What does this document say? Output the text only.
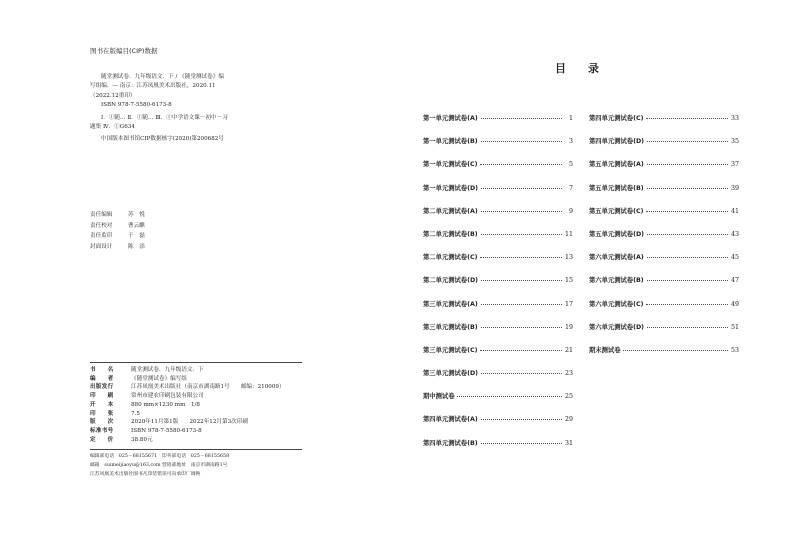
图书在版编目(CIP)数据

随堂测试卷．九年级语文．下 / 《随堂测试卷》编

写组编．— 南京：江苏凤凰美术出版社，2020.11

（2022.12重印）

ISBN 978-7-5580-6173-8

Ⅰ．①随… Ⅱ．①随… Ⅲ．①中学语文课－初中－习

题集 Ⅳ．①G634

中国版本图书馆CIP数据核字(2020)第200682号

责任编辑	苏　悦
责任校对	曹云麒
责任监印	于　磊
封面设计	陈　添
书　　名	随堂测试卷．九年级语文．下
编　　者	《随堂测试卷》编写组
出版发行	江苏凤凰美术出版社（南京市湖南路1号　　邮编：210009）
印　　刷	常州市建农印刷包装有限公司
开　　本	880 mm×1230 mm　1/8
印　　张	7.5
版　　次	2020年11月第1版　　2022年12月第3次印刷
标准书号	ISBN 978-7-5580-6173-8
定　　价	38.80元
编辑部电话　025－68155671 印务部电话　025－68155658
邮箱　suimeijiaoyu@163.com营销部地址　南京市湖南路1号
江苏凤凰美术出版社图书凡印装错误可向承印厂调换
目录
第一单元测试卷(A)	1
第一单元测试卷(B)	3
第一单元测试卷(C)	5
第一单元测试卷(D)	7
第二单元测试卷(A)	9
第二单元测试卷(B)	11
第二单元测试卷(C)	13
第二单元测试卷(D)	15
第三单元测试卷(A)	17
第三单元测试卷(B)	19
第三单元测试卷(C)	21
第三单元测试卷(D)	23
期中测试卷	25
第四单元测试卷(A)	29
第四单元测试卷(B)	31
第四单元测试卷(C)	33
第四单元测试卷(D)	35
第五单元测试卷(A)	37
第五单元测试卷(B)	39
第五单元测试卷(C)	41
第五单元测试卷(D)	43
第六单元测试卷(A)	45
第六单元测试卷(B)	47
第六单元测试卷(C)	49
第六单元测试卷(D)	51
期末测试卷	53
